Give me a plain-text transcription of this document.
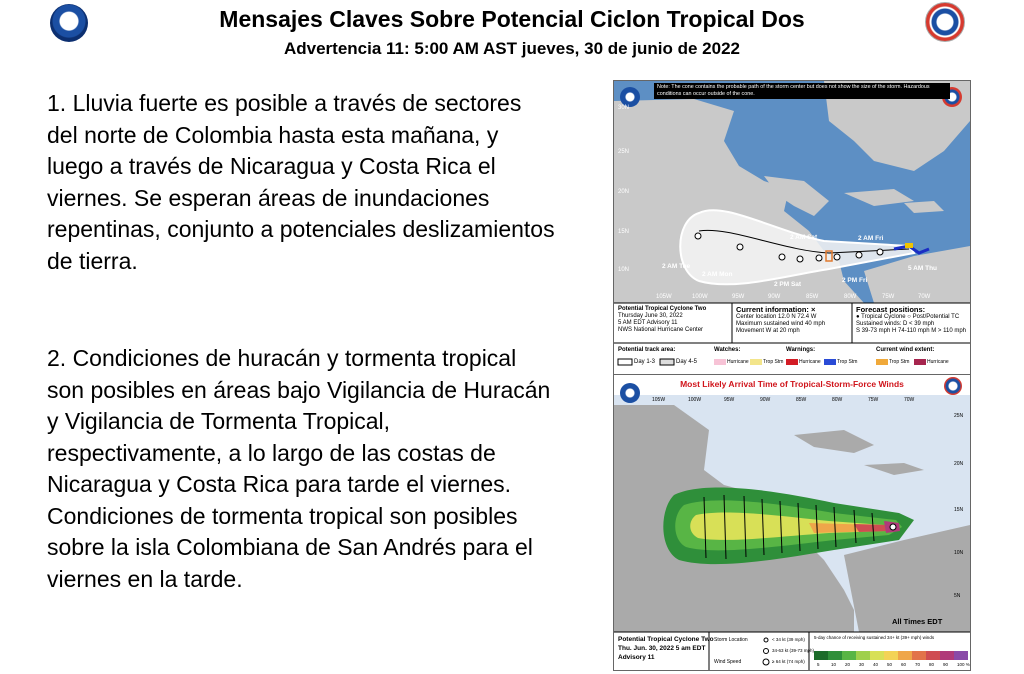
Mensajes Claves Sobre Potencial Ciclon Tropical Dos
Advertencia 11: 5:00 AM AST jueves, 30 de junio de 2022
1. Lluvia fuerte es posible a través de sectores del norte de Colombia hasta esta mañana, y luego a través de Nicaragua y Costa Rica el viernes. Se esperan áreas de inundaciones repentinas, conjunto a potenciales deslizamientos de tierra.
2. Condiciones de huracán y tormenta tropical son posibles en áreas bajo Vigilancia de Huracán y Vigilancia de Tormenta Tropical, respectivamente, a lo largo de las costas de Nicaragua y Costa Rica para tarde el viernes. Condiciones de tormenta tropical son posibles sobre la isla Colombiana de San Andrés para el viernes en la tarde.
Note: The cone contains the probable path of the storm center but does not show the size of the storm. Hazardous conditions can occur outside of the cone.
30N
25N
20N
15N
10N
105W	100W	95W	90W	85W	80W	75W	70W
2 AM Tue
2 AM Mon
2 PM Sat
2 AM Sat	2 AM Fri
2 PM Fri
5 AM Thu
Potential Tropical Cyclone Two
Thursday June 30, 2022
5 AM EDT Advisory 11
NWS National Hurricane Center
Current information: ×
Center location 12.0 N 72.4 W
Maximum sustained wind 40 mph
Movement W at 20 mph
Forecast positions:
● Tropical Cyclone ○ Post/Potential TC
Sustained winds: D < 39 mph
S 39-73 mph H 74-110 mph M > 110 mph
Potential track area:
Day 1-3	Day 4-5
Watches:
Hurricane	Trop Stm
Warnings:
Hurricane	Trop Stm
Current wind extent:
Trop Stm	Hurricane
Most Likely Arrival Time of Tropical-Storm-Force Winds
105W	100W	95W	90W	85W	80W	75W	70W
25N
20N
15N
10N
5N
All Times EDT
Potential Tropical Cyclone Two
Thu. Jun. 30, 2022 5 am EDT
Advisory 11
Storm Location
Wind Speed
< 34 kt (39 mph)
34-63 kt (39-73 mph)
≥ 64 kt (74 mph)
5-day chance of receiving sustained 34+ kt (39+ mph) winds
5	10 20 30 40 50 60 70 80 90 100 %
